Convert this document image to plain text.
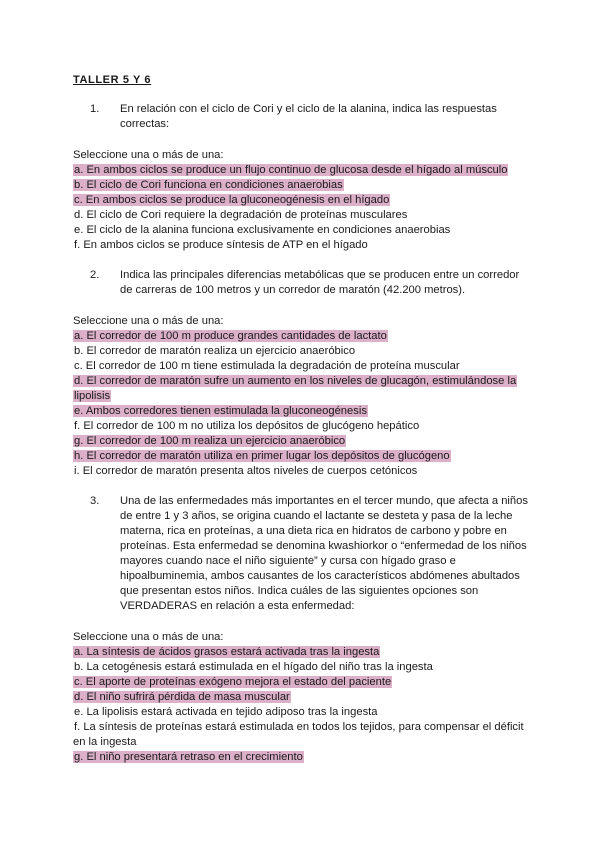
TALLER 5 Y 6
1.	En relación con el ciclo de Cori y el ciclo de la alanina, indica las respuestas correctas:
Seleccione una o más de una:
a. En ambos ciclos se produce un flujo continuo de glucosa desde el hígado al músculo
b. El ciclo de Cori funciona en condiciones anaerobias
c. En ambos ciclos se produce la gluconeogénesis en el hígado
d. El ciclo de Cori requiere la degradación de proteínas musculares
e. El ciclo de la alanina funciona exclusivamente en condiciones anaerobias
f. En ambos ciclos se produce síntesis de ATP en el hígado
2.	Indica las principales diferencias metabólicas que se producen entre un corredor de carreras de 100 metros y un corredor de maratón (42.200 metros).
Seleccione una o más de una:
a. El corredor de 100 m produce grandes cantidades de lactato
b. El corredor de maratón realiza un ejercicio anaeróbico
c. El corredor de 100 m tiene estimulada la degradación de proteína muscular
d. El corredor de maratón sufre un aumento en los niveles de glucagón, estimulándose la lipolisis
e. Ambos corredores tienen estimulada la gluconeogénesis
f. El corredor de 100 m no utiliza los depósitos de glucógeno hepático
g. El corredor de 100 m realiza un ejercicio anaeróbico
h. El corredor de maratón utiliza en primer lugar los depósitos de glucógeno
i. El corredor de maratón presenta altos niveles de cuerpos cetónicos
3.	Una de las enfermedades más importantes en el tercer mundo, que afecta a niños de entre 1 y 3 años, se origina cuando el lactante se desteta y pasa de la leche materna, rica en proteínas, a una dieta rica en hidratos de carbono y pobre en proteínas. Esta enfermedad se denomina kwashiorkor o “enfermedad de los niños mayores cuando nace el niño siguiente” y cursa con hígado graso e hipoalbuminemia, ambos causantes de los característicos abdómenes abultados que presentan estos niños. Indica cuáles de las siguientes opciones son VERDADERAS en relación a esta enfermedad:
Seleccione una o más de una:
a. La síntesis de ácidos grasos estará activada tras la ingesta
b. La cetogénesis estará estimulada en el hígado del niño tras la ingesta
c. El aporte de proteínas exógeno mejora el estado del paciente
d. El niño sufrirá pérdida de masa muscular
e. La lipolisis estará activada en tejido adiposo tras la ingesta
f. La síntesis de proteínas estará estimulada en todos los tejidos, para compensar el déficit en la ingesta
g. El niño presentará retraso en el crecimiento
